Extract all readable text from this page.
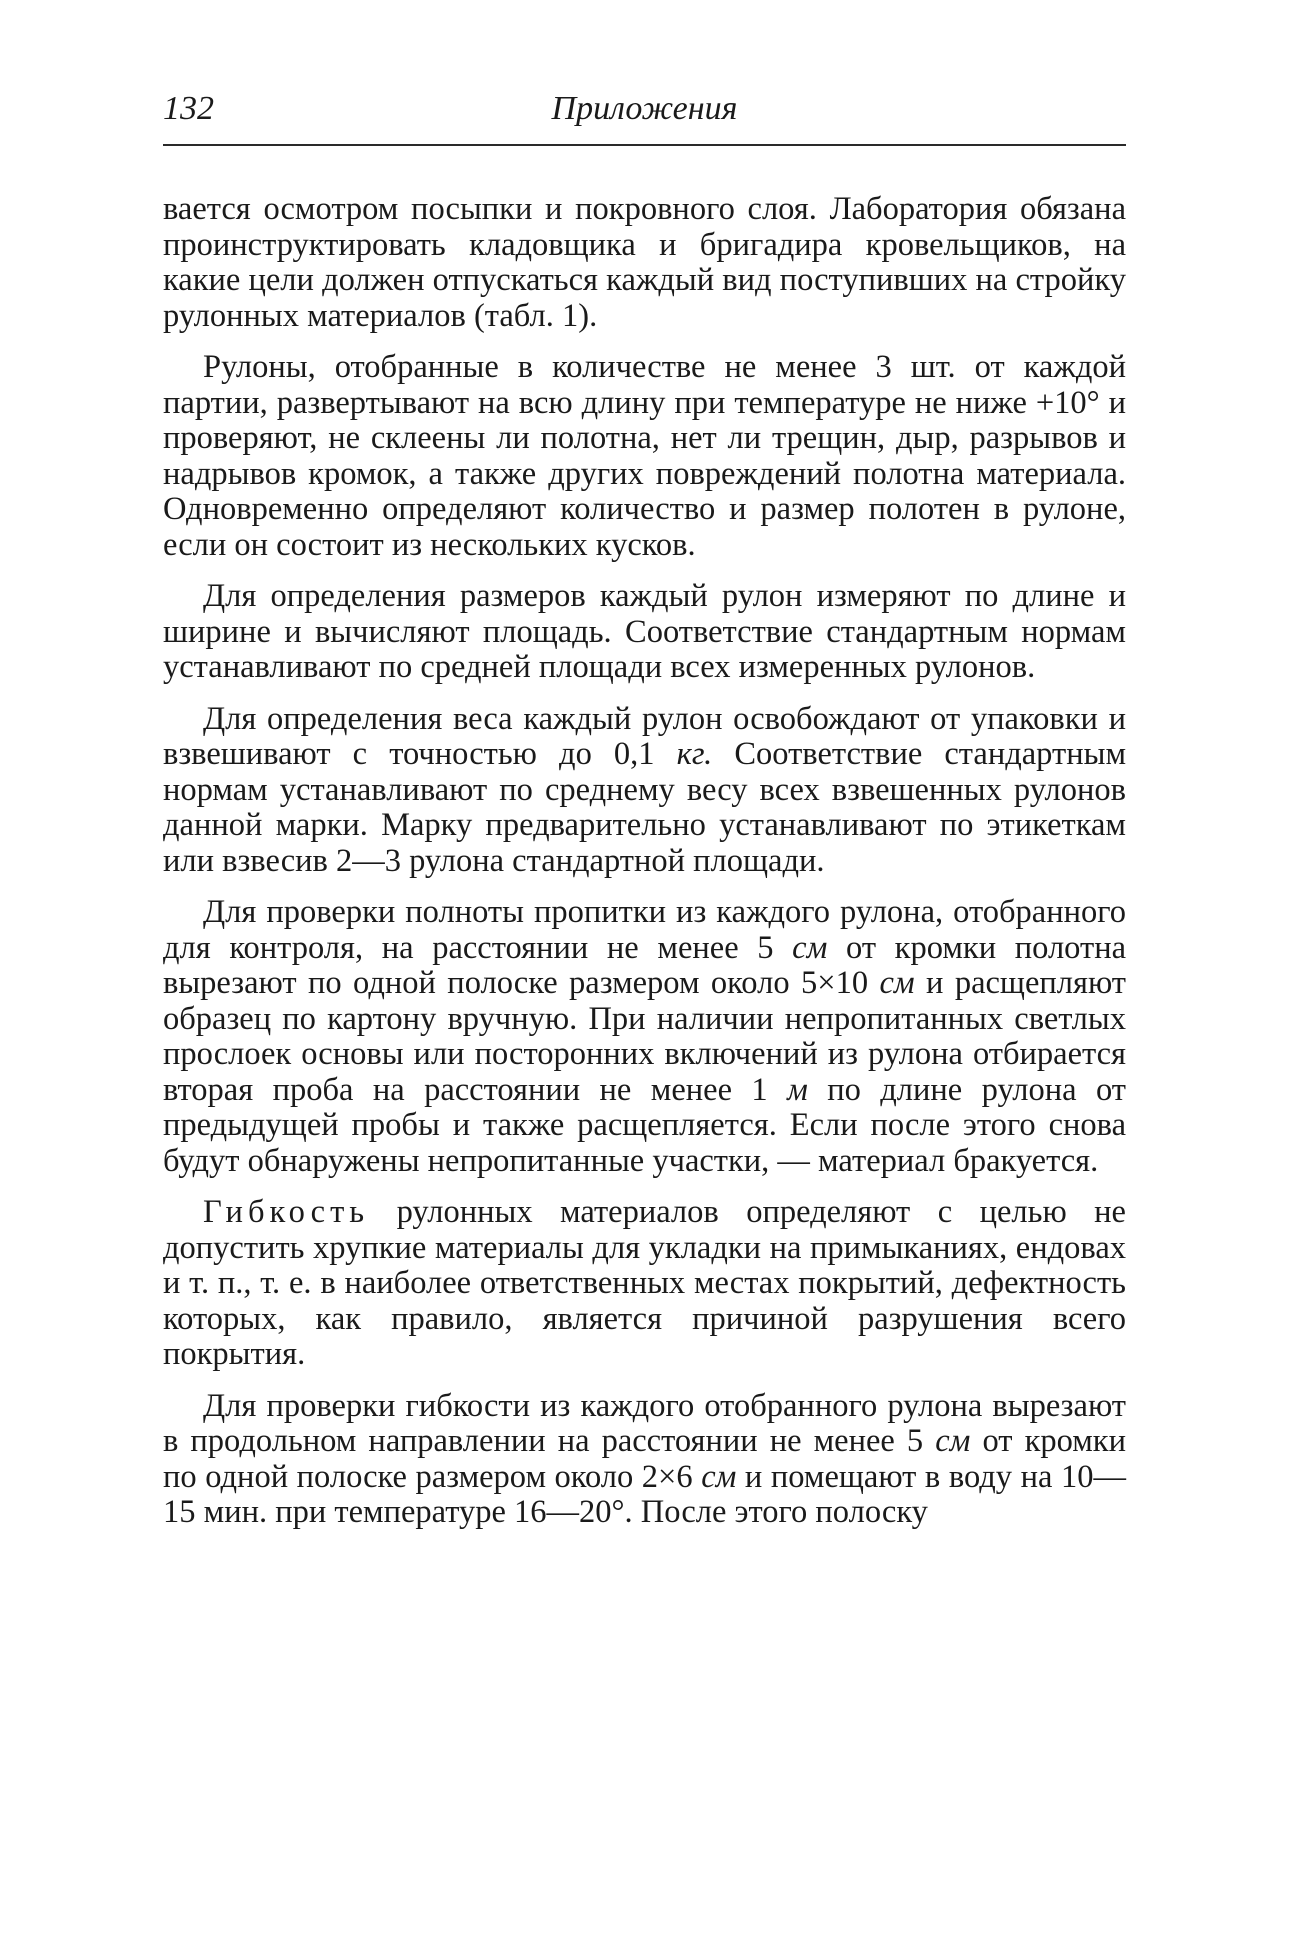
132	Приложения

вается осмотром посыпки и покровного слоя. Лаборатория обязана проинструктировать кладовщика и бригадира кровельщиков, на какие цели должен отпускаться каждый вид поступивших на стройку рулонных материалов (табл. 1).

Рулоны, отобранные в количестве не менее 3 шт. от каждой партии, развертывают на всю длину при температуре не ниже +10° и проверяют, не склеены ли полотна, нет ли трещин, дыр, разрывов и надрывов кромок, а также других повреждений полотна материала. Одновременно определяют количество и размер полотен в рулоне, если он состоит из нескольких кусков.

Для определения размеров каждый рулон измеряют по длине и ширине и вычисляют площадь. Соответствие стандартным нормам устанавливают по средней площади всех измеренных рулонов.

Для определения веса каждый рулон освобождают от упаковки и взвешивают с точностью до 0,1 кг. Соответствие стандартным нормам устанавливают по среднему весу всех взвешенных рулонов данной марки. Марку предварительно устанавливают по этикеткам или взвесив 2—3 рулона стандартной площади.

Для проверки полноты пропитки из каждого рулона, отобранного для контроля, на расстоянии не менее 5 см от кромки полотна вырезают по одной полоске размером около 5×10 см и расщепляют образец по картону вручную. При наличии непропитанных светлых прослоек основы или посторонних включений из рулона отбирается вторая проба на расстоянии не менее 1 м по длине рулона от предыдущей пробы и также расщепляется. Если после этого снова будут обнаружены непропитанные участки, — материал бракуется.

Гибкость рулонных материалов определяют с целью не допустить хрупкие материалы для укладки на примыканиях, ендовах и т. п., т. е. в наиболее ответственных местах покрытий, дефектность которых, как правило, является причиной разрушения всего покрытия.

Для проверки гибкости из каждого отобранного рулона вырезают в продольном направлении на расстоянии не менее 5 см от кромки по одной полоске размером около 2×6 см и помещают в воду на 10—15 мин. при температуре 16—20°. После этого полоску
